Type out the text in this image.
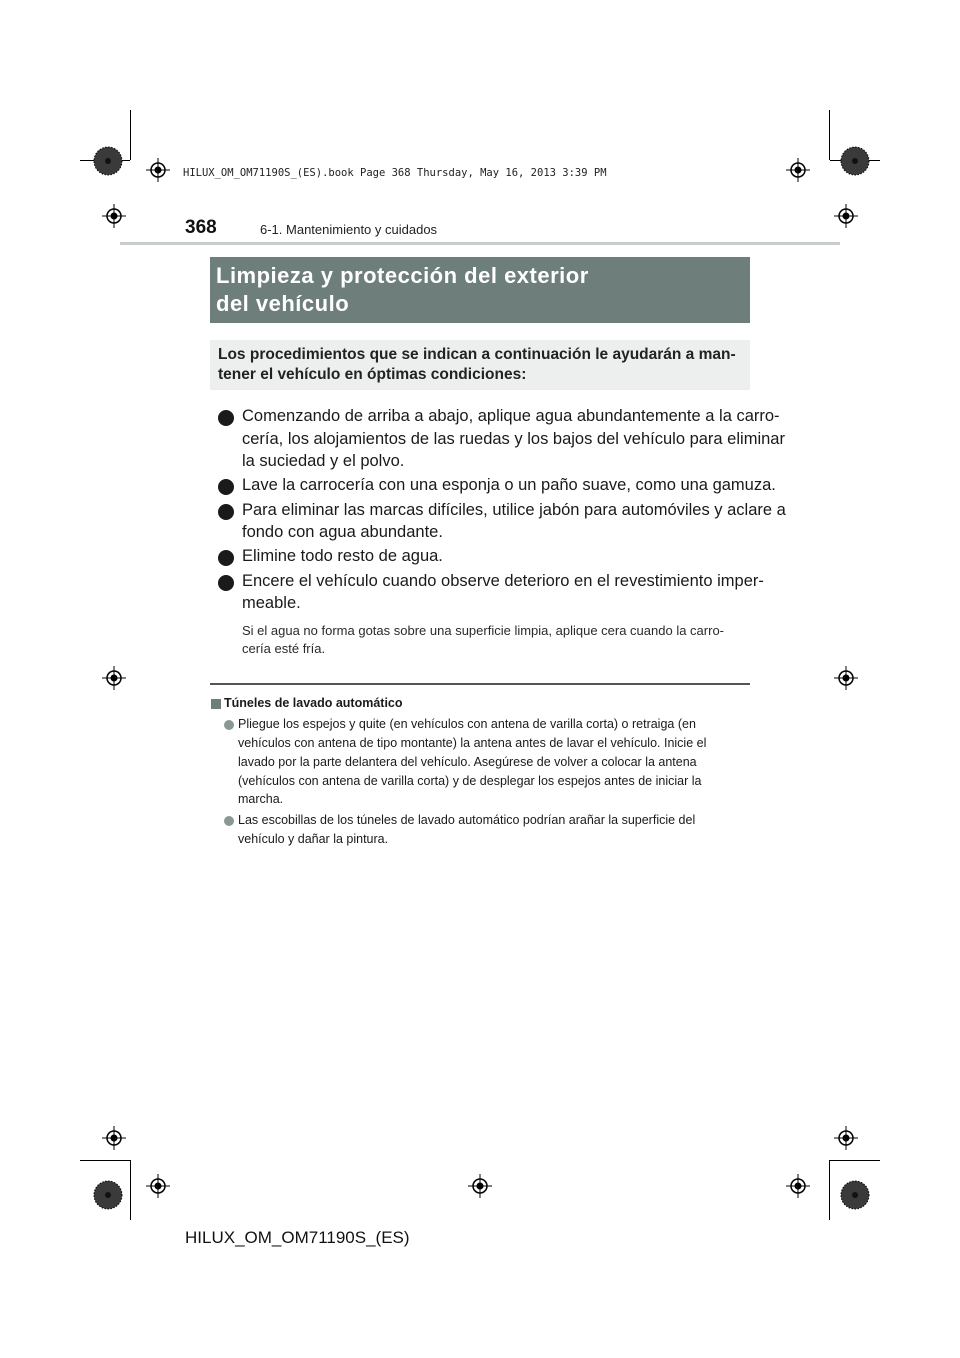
HILUX_OM_OM71190S_(ES).book Page 368 Thursday, May 16, 2013 3:39 PM
368	6-1. Mantenimiento y cuidados
Limpieza y protección del exterior
del vehículo
Los procedimientos que se indican a continuación le ayudarán a man-
tener el vehículo en óptimas condiciones:
Comenzando de arriba a abajo, aplique agua abundantemente a la carro-
cería, los alojamientos de las ruedas y los bajos del vehículo para eliminar
la suciedad y el polvo.
Lave la carrocería con una esponja o un paño suave, como una gamuza.
Para eliminar las marcas difíciles, utilice jabón para automóviles y aclare a
fondo con agua abundante.
Elimine todo resto de agua.
Encere el vehículo cuando observe deterioro en el revestimiento imper-
meable.
Si el agua no forma gotas sobre una superficie limpia, aplique cera cuando la carro-
cería esté fría.
Túneles de lavado automático
Pliegue los espejos y quite (en vehículos con antena de varilla corta) o retraiga (en
vehículos con antena de tipo montante) la antena antes de lavar el vehículo. Inicie el
lavado por la parte delantera del vehículo. Asegúrese de volver a colocar la antena
(vehículos con antena de varilla corta) y de desplegar los espejos antes de iniciar la
marcha.
Las escobillas de los túneles de lavado automático podrían arañar la superficie del
vehículo y dañar la pintura.
HILUX_OM_OM71190S_(ES)
